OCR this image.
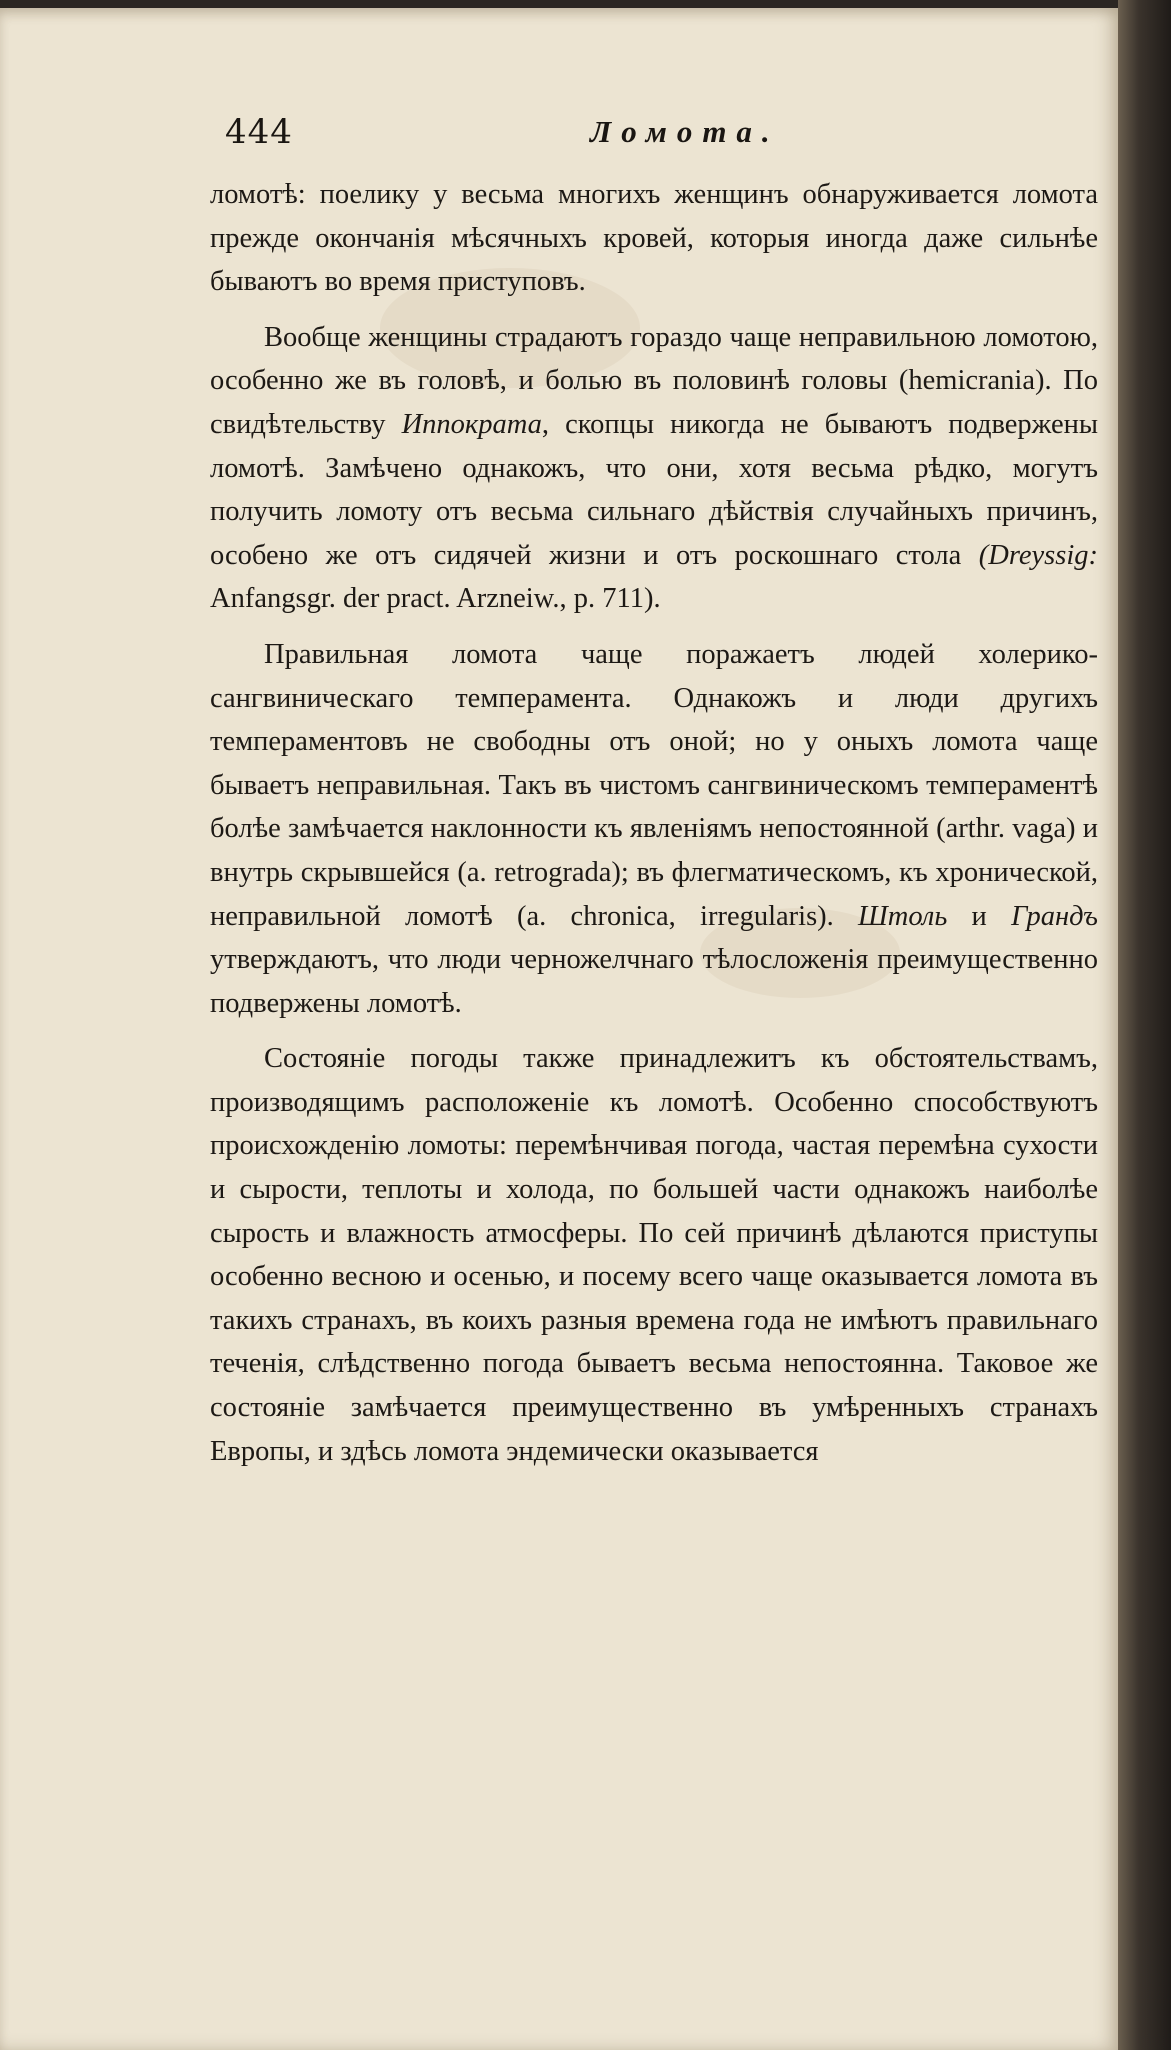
444	Ломота.

ломотѣ: поелику у весьма многихъ женщинъ обнаруживается ломота прежде окончанія мѣсячныхъ кровей, которыя иногда даже сильнѣе бываютъ во время приступовъ.

Вообще женщины страдаютъ гораздо чаще неправильною ломотою, особенно же въ головѣ, и болью въ половинѣ головы (hemicrania). По свидѣтельству Иппократа, скопцы никогда не бываютъ подвержены ломотѣ. Замѣчено однакожъ, что они, хотя весьма рѣдко, могутъ получить ломоту отъ весьма сильнаго дѣйствія случайныхъ причинъ, особено же отъ сидячей жизни и отъ роскошнаго стола (Dreyssig: Anfangsgr. der pract. Arzneiw., p. 711).

Правильная ломота чаще поражаетъ людей холерико-сангвиническаго темперамента. Однакожъ и люди другихъ темпераментовъ не свободны отъ оной; но у оныхъ ломота чаще бываетъ неправильная. Такъ въ чистомъ сангвиническомъ темпераментѣ болѣе замѣчается наклонности къ явленіямъ непостоянной (arthr. vaga) и внутрь скрывшейся (a. retrograda); въ флегматическомъ, къ хронической, неправильной ломотѣ (a. chronica, irregularis). Штоль и Грандъ утверждаютъ, что люди черножелчнаго тѣлосложенія преимущественно подвержены ломотѣ.

Состояніе погоды также принадлежитъ къ обстоятельствамъ, производящимъ расположеніе къ ломотѣ. Особенно способствуютъ происхожденію ломоты: перемѣнчивая погода, частая перемѣна сухости и сырости, теплоты и холода, по большей части однакожъ наиболѣе сырость и влажность атмосферы. По сей причинѣ дѣлаются приступы особенно весною и осенью, и посему всего чаще оказывается ломота въ такихъ странахъ, въ коихъ разныя времена года не имѣютъ правильнаго теченія, слѣдственно погода бываетъ весьма непостоянна. Таковое же состояніе замѣчается преимущественно въ умѣренныхъ странахъ Европы, и здѣсь ломота эндемически оказывается
